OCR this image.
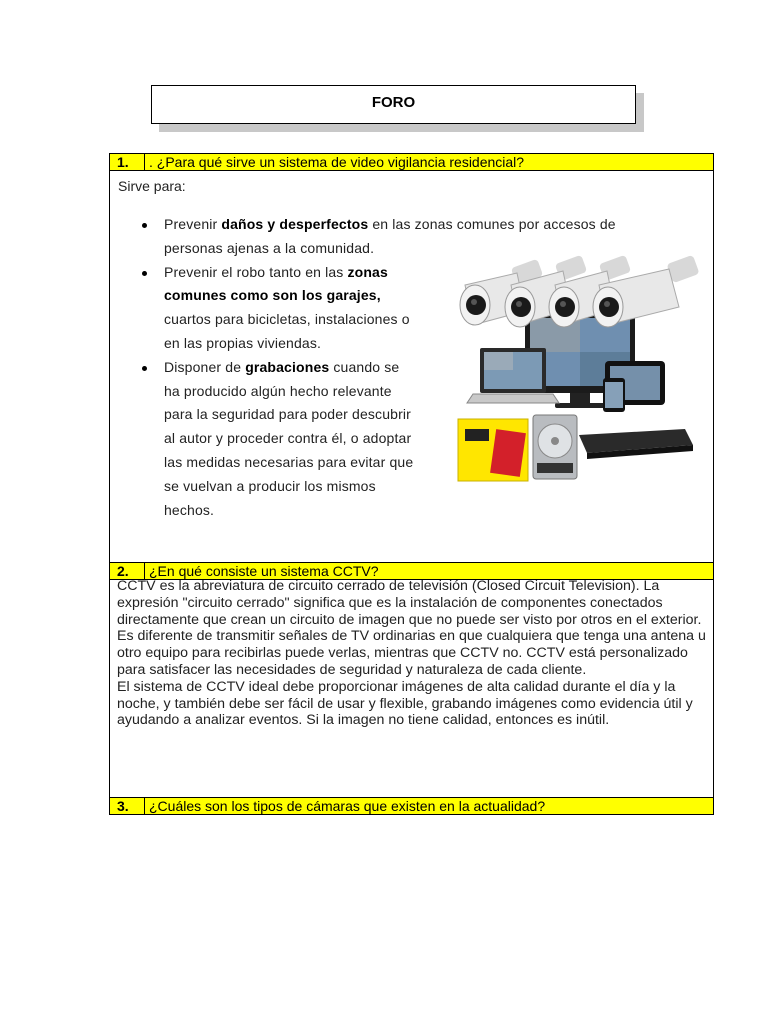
FORO
1.	. ¿Para qué sirve un sistema de video vigilancia residencial?
Sirve para:
Prevenir daños y desperfectos en las zonas comunes por accesos de
personas ajenas a la comunidad.
Prevenir el robo tanto en las zonas
comunes como son los garajes,
cuartos para bicicletas, instalaciones o
en las propias viviendas.
Disponer de grabaciones cuando se
ha producido algún hecho relevante
para la seguridad para poder descubrir
al autor y proceder contra él, o adoptar
las medidas necesarias para evitar que
se vuelvan a producir los mismos
hechos.
2.	¿En qué consiste un sistema CCTV?

CCTV es la abreviatura de circuito cerrado de televisión (Closed Circuit Television). La expresión "circuito cerrado" significa que es la instalación de componentes conectados directamente que crean un circuito de imagen que no puede ser visto por otros en el exterior.

Es diferente de transmitir señales de TV ordinarias en que cualquiera que tenga una antena u otro equipo para recibirlas puede verlas, mientras que CCTV no. CCTV está personalizado para satisfacer las necesidades de seguridad y naturaleza de cada cliente.

El sistema de CCTV ideal debe proporcionar imágenes de alta calidad durante el día y la noche, y también debe ser fácil de usar y flexible, grabando imágenes como evidencia útil y ayudando a analizar eventos. Si la imagen no tiene calidad, entonces es inútil.

3.	¿Cuáles son los tipos de cámaras que existen en la actualidad?
